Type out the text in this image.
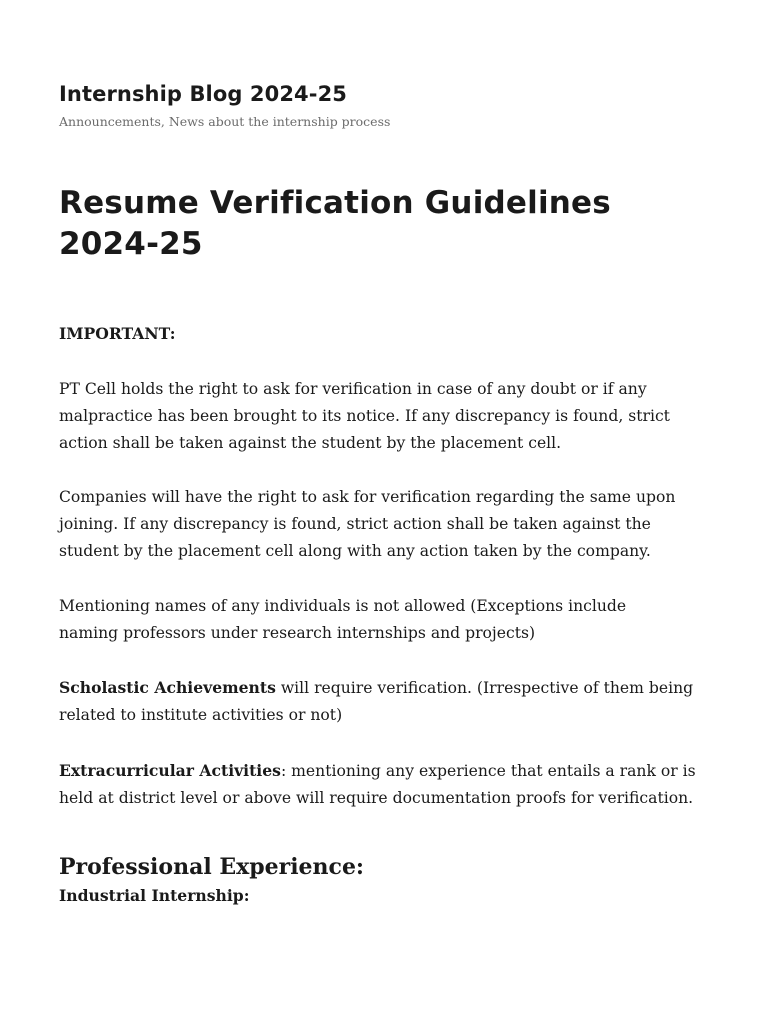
Internship Blog 2024-25

Announcements, News about the internship process

Resume Verification Guidelines
2024-25

IMPORTANT:

PT Cell holds the right to ask for verification in case of any doubt or if any
malpractice has been brought to its notice. If any discrepancy is found, strict
action shall be taken against the student by the placement cell.

Companies will have the right to ask for verification regarding the same upon
joining. If any discrepancy is found, strict action shall be taken against the
student by the placement cell along with any action taken by the company.

Mentioning names of any individuals is not allowed (Exceptions include
naming professors under research internships and projects)

Scholastic Achievements will require verification. (Irrespective of them being
related to institute activities or not)

Extracurricular Activities: mentioning any experience that entails a rank or is
held at district level or above will require documentation proofs for verification.

Professional Experience:

Industrial Internship:
